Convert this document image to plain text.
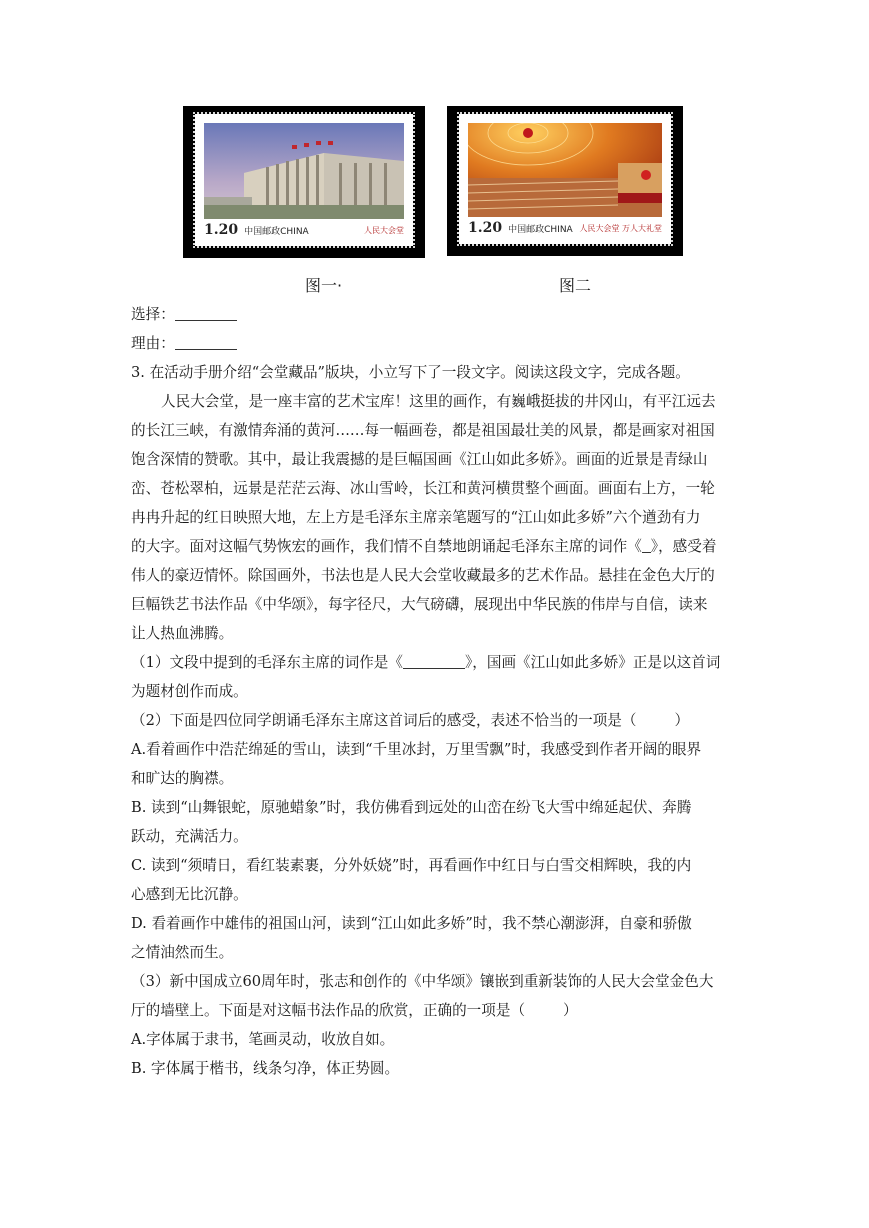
1.20 中国邮政CHINA	人民大会堂	1.20 中国邮政CHINA 人民大会堂 万人大礼堂
图一·	图二
选择：
理由：
3. 在活动手册介绍“会堂藏品”版块，小立写下了一段文字。阅读这段文字，完成各题。
人民大会堂，是一座丰富的艺术宝库！这里的画作，有巍峨挺拔的井冈山，有平江远去
的长江三峡，有激情奔涌的黄河……每一幅画卷，都是祖国最壮美的风景，都是画家对祖国
饱含深情的赞歌。其中，最让我震撼的是巨幅国画《江山如此多娇》。画面的近景是青绿山
峦、苍松翠柏，远景是茫茫云海、冰山雪岭，长江和黄河横贯整个画面。画面右上方，一轮
冉冉升起的红日映照大地，左上方是毛泽东主席亲笔题写的“江山如此多娇”六个遒劲有力
的大字。面对这幅气势恢宏的画作，我们情不自禁地朗诵起毛泽东主席的词作《 》，感受着
伟人的豪迈情怀。除国画外，书法也是人民大会堂收藏最多的艺术作品。悬挂在金色大厅的
巨幅铁艺书法作品《中华颂》，每字径尺，大气磅礴，展现出中华民族的伟岸与自信，读来
让人热血沸腾。
（1）文段中提到的毛泽东主席的词作是《	》，国画《江山如此多娇》正是以这首词
为题材创作而成。
（2）下面是四位同学朗诵毛泽东主席这首词后的感受，表述不恰当的一项是（	）
A.看着画作中浩茫绵延的雪山，读到“千里冰封，万里雪飘”时，我感受到作者开阔的眼界
和旷达的胸襟。
B. 读到“山舞银蛇，原驰蜡象”时，我仿佛看到远处的山峦在纷飞大雪中绵延起伏、奔腾
跃动，充满活力。
C. 读到“须晴日，看红装素裹，分外妖娆”时，再看画作中红日与白雪交相辉映，我的内
心感到无比沉静。
D. 看着画作中雄伟的祖国山河，读到“江山如此多娇”时，我不禁心潮澎湃，自豪和骄傲
之情油然而生。
（3）新中国成立60周年时，张志和创作的《中华颂》镶嵌到重新装饰的人民大会堂金色大
厅的墙壁上。下面是对这幅书法作品的欣赏，正确的一项是（	）
A.字体属于隶书，笔画灵动，收放自如。
B. 字体属于楷书，线条匀净，体正势圆。
